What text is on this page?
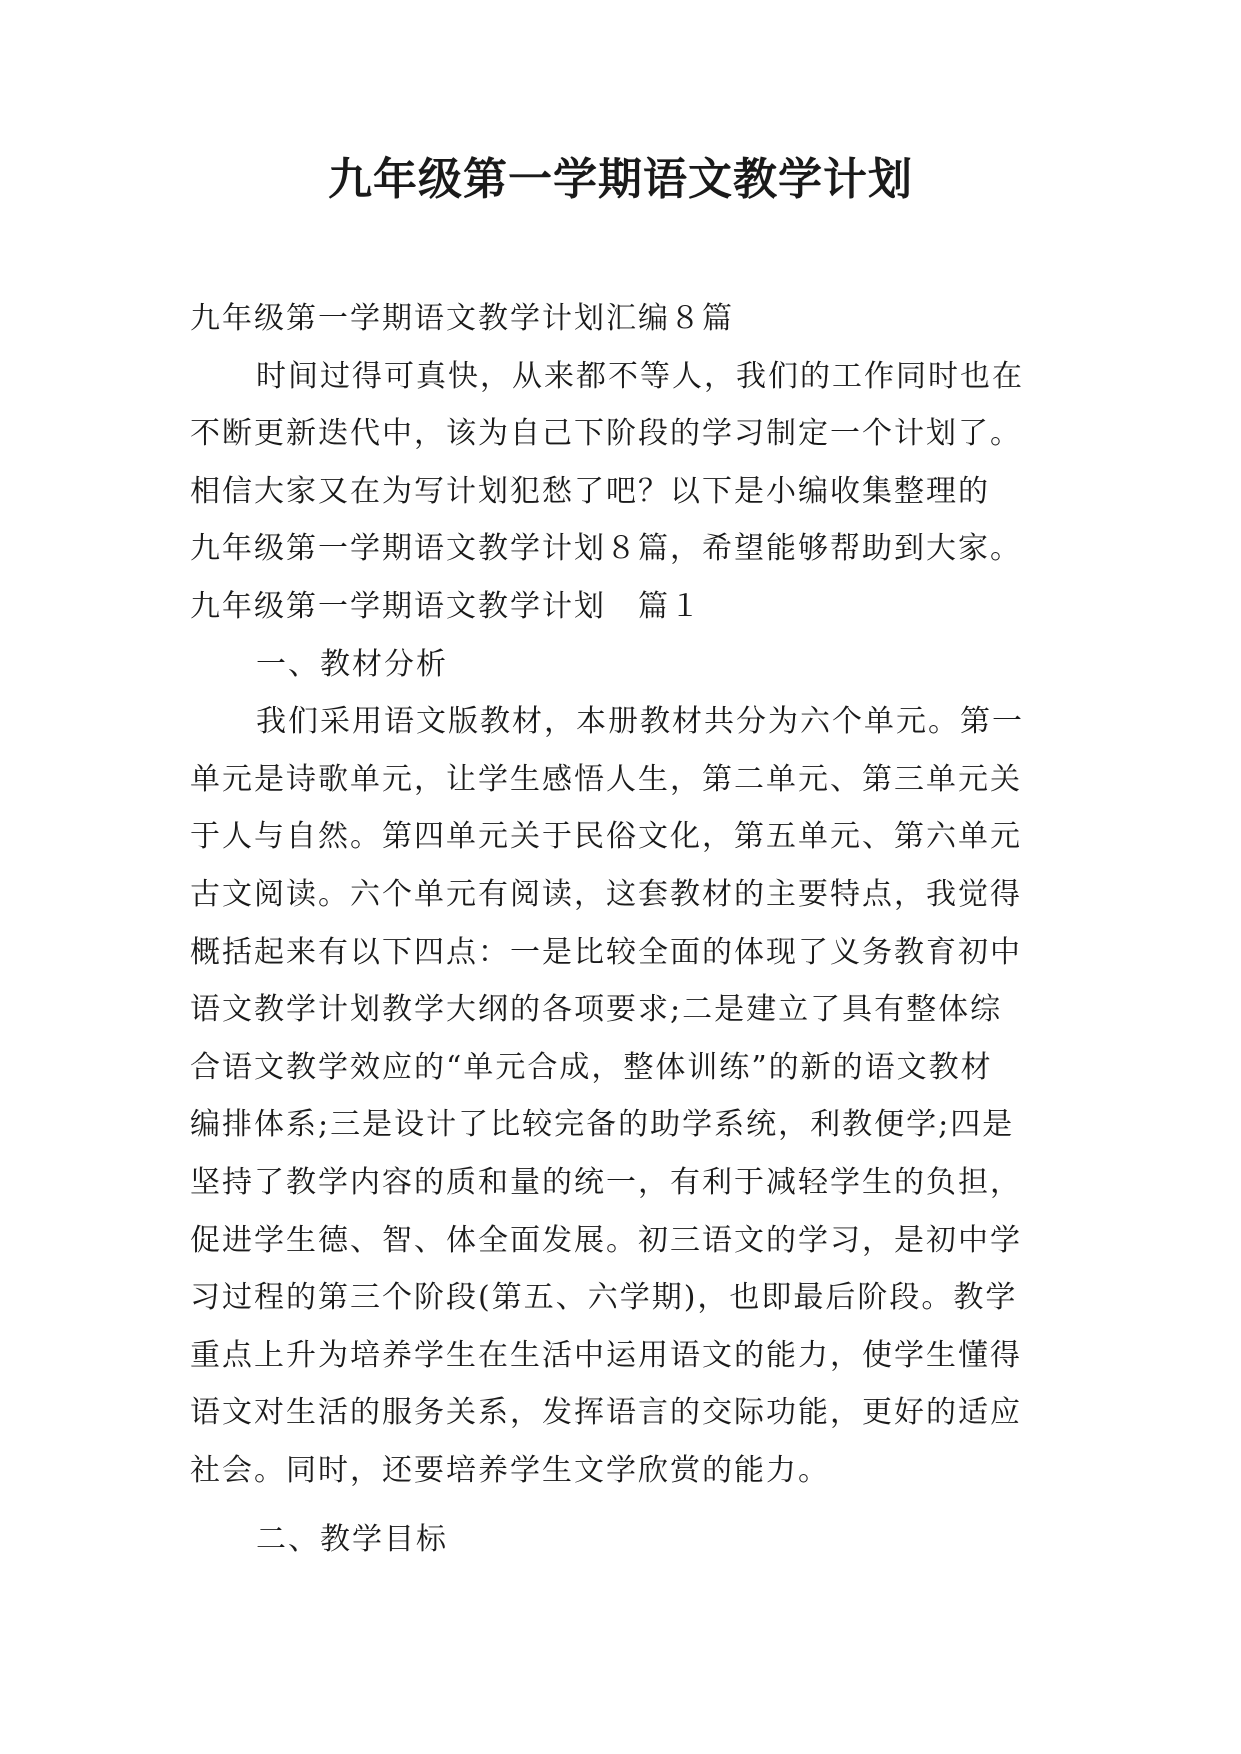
九年级第一学期语文教学计划

九年级第一学期语文教学计划汇编８篇

时间过得可真快，从来都不等人，我们的工作同时也在

不断更新迭代中，该为自己下阶段的学习制定一个计划了。

相信大家又在为写计划犯愁了吧？以下是小编收集整理的

九年级第一学期语文教学计划８篇，希望能够帮助到大家。

九年级第一学期语文教学计划　篇１

一、教材分析

我们采用语文版教材，本册教材共分为六个单元。第一

单元是诗歌单元，让学生感悟人生，第二单元、第三单元关

于人与自然。第四单元关于民俗文化，第五单元、第六单元

古文阅读。六个单元有阅读，这套教材的主要特点，我觉得

概括起来有以下四点：一是比较全面的体现了义务教育初中

语文教学计划教学大纲的各项要求;二是建立了具有整体综

合语文教学效应的“单元合成，整体训练”的新的语文教材

编排体系;三是设计了比较完备的助学系统，利教便学;四是

坚持了教学内容的质和量的统一，有利于减轻学生的负担，

促进学生德、智、体全面发展。初三语文的学习，是初中学

习过程的第三个阶段(第五、六学期)，也即最后阶段。教学

重点上升为培养学生在生活中运用语文的能力，使学生懂得

语文对生活的服务关系，发挥语言的交际功能，更好的适应

社会。同时，还要培养学生文学欣赏的能力。

二、教学目标
